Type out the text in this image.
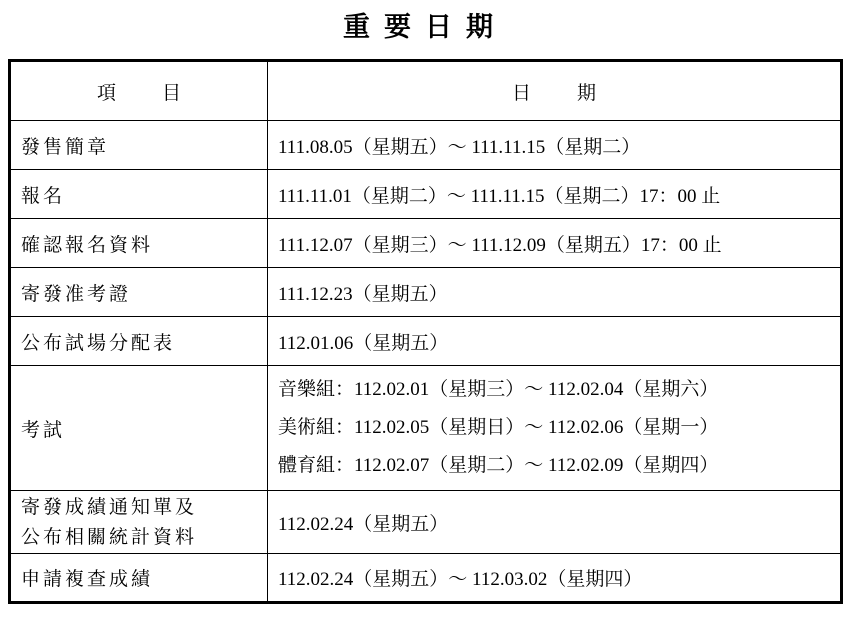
重要日期
項目	日期
發售簡章	111.08.05（星期五）～ 111.11.15（星期二）
報名	111.11.01（星期二）～ 111.11.15（星期二）17：00 止
確認報名資料	111.12.07（星期三）～ 111.12.09（星期五）17：00 止
寄發准考證	111.12.23（星期五）
公布試場分配表	112.01.06（星期五）
考試	音樂組：112.02.01（星期三）～ 112.02.04（星期六）
美術組：112.02.05（星期日）～ 112.02.06（星期一）
體育組：112.02.07（星期二）～ 112.02.09（星期四）

寄發成績通知單及
公布相關統計資料	112.02.24（星期五）
申請複查成績	112.02.24（星期五）～ 112.03.02（星期四）
